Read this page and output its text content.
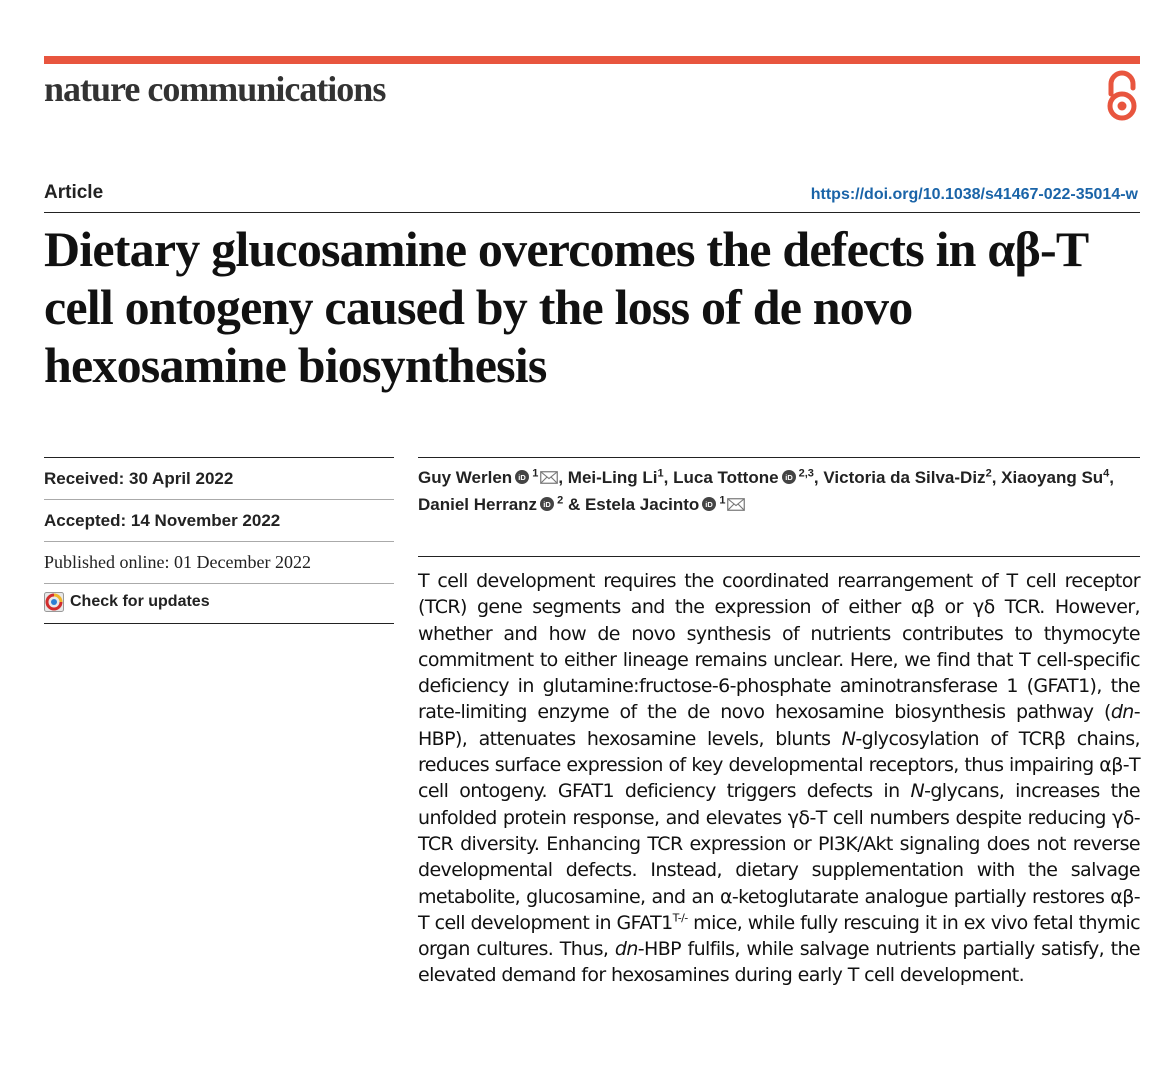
nature communications
Article	https://doi.org/10.1038/s41467-022-35014-w
Dietary glucosamine overcomes the defects in αβ-T cell ontogeny caused by the loss of de novo hexosamine biosynthesis
Received: 30 April 2022
Accepted: 14 November 2022
Published online: 01 December 2022
Check for updates
Guy Werlen iD $^1$ , Mei-Ling Li$^1$, Luca Tottone iD $^{2,3}$, Victoria da Silva-Diz$^2$, Xiaoyang Su$^4$, Daniel Herranz iD $^2$ & Estela Jacinto iD $^1$

T cell development requires the coordinated rearrangement of T cell receptor (TCR) gene segments and the expression of either αβ or γδ TCR. However, whether and how de novo synthesis of nutrients contributes to thymocyte commitment to either lineage remains unclear. Here, we find that T cell-specific deficiency in glutamine:fructose-6-phosphate aminotransferase 1 (GFAT1), the rate-limiting enzyme of the de novo hexosamine biosynthesis pathway (dn-HBP), attenuates hexosamine levels, blunts N-glycosylation of TCRβ chains, reduces surface expression of key developmental receptors, thus impairing αβ-T cell ontogeny. GFAT1 deficiency triggers defects in N-glycans, increases the unfolded protein response, and elevates γδ-T cell numbers despite reducing γδ-TCR diversity. Enhancing TCR expression or PI3K/Akt signaling does not reverse developmental defects. Instead, dietary supplementation with the salvage metabolite, glucosamine, and an α-ketoglutarate analogue partially restores αβ-T cell development in $GFAT1^{T-/-}$ mice, while fully rescuing it in ex vivo fetal thymic organ cultures. Thus, dn-HBP fulfils, while salvage nutrients partially satisfy, the elevated demand for hexosamines during early T cell development.
